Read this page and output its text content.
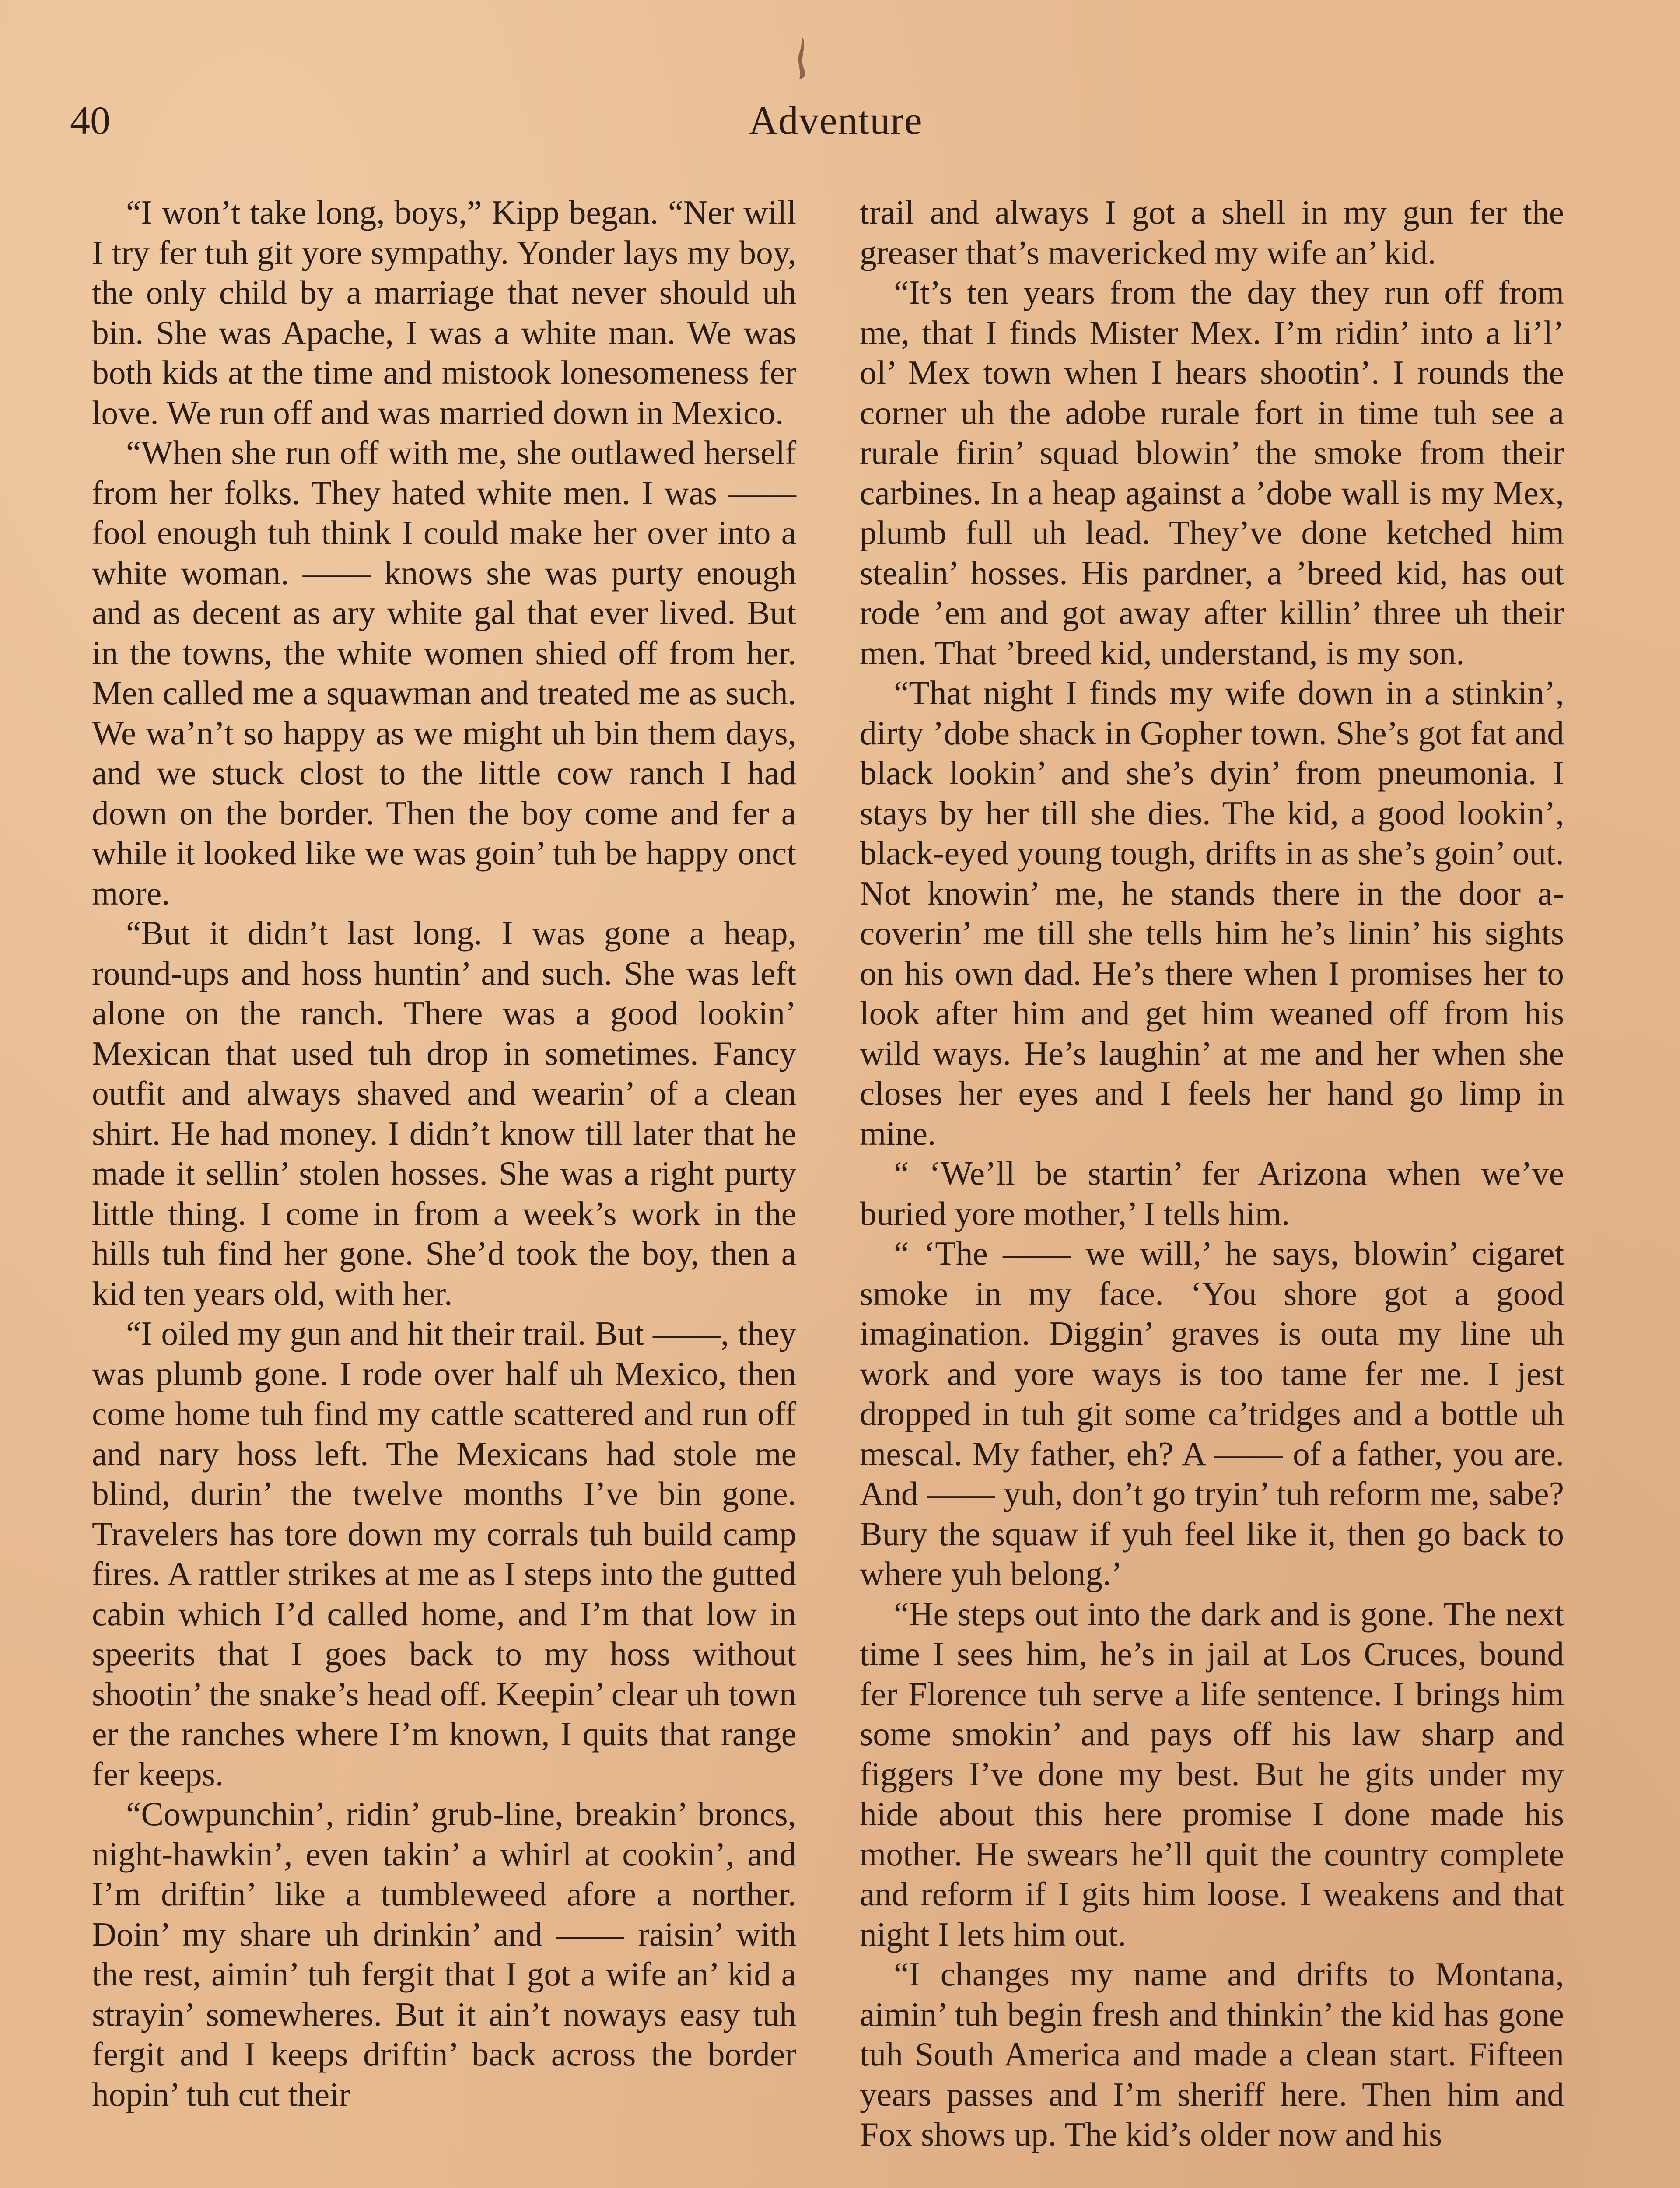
40	Adventure

“I won’t take long, boys,” Kipp began. “Ner will I try fer tuh git yore sympathy. Yonder lays my boy, the only child by a marriage that never should uh bin. She was Apache, I was a white man. We was both kids at the time and mistook lonesomeness fer love. We run off and was married down in Mexico.

“When she run off with me, she outlawed herself from her folks. They hated white men. I was —— fool enough tuh think I could make her over into a white woman. —— knows she was purty enough and as decent as ary white gal that ever lived. But in the towns, the white women shied off from her. Men called me a squawman and treated me as such. We wa’n’t so happy as we might uh bin them days, and we stuck clost to the little cow ranch I had down on the border. Then the boy come and fer a while it looked like we was goin’ tuh be happy onct more.

“But it didn’t last long. I was gone a heap, round-ups and hoss huntin’ and such. She was left alone on the ranch. There was a good lookin’ Mexican that used tuh drop in sometimes. Fancy outfit and always shaved and wearin’ of a clean shirt. He had money. I didn’t know till later that he made it sellin’ stolen hosses. She was a right purty little thing. I come in from a week’s work in the hills tuh find her gone. She’d took the boy, then a kid ten years old, with her.

“I oiled my gun and hit their trail. But ——, they was plumb gone. I rode over half uh Mexico, then come home tuh find my cattle scattered and run off and nary hoss left. The Mexicans had stole me blind, durin’ the twelve months I’ve bin gone. Travelers has tore down my corrals tuh build camp fires. A rattler strikes at me as I steps into the gutted cabin which I’d called home, and I’m that low in speerits that I goes back to my hoss without shootin’ the snake’s head off. Keepin’ clear uh town er the ranches where I’m known, I quits that range fer keeps.

“Cowpunchin’, ridin’ grub-line, breakin’ broncs, night-hawkin’, even takin’ a whirl at cookin’, and I’m driftin’ like a tumbleweed afore a norther. Doin’ my share uh drinkin’ and —— raisin’ with the rest, aimin’ tuh fergit that I got a wife an’ kid a strayin’ somewheres. But it ain’t noways easy tuh fergit and I keeps driftin’ back across the border hopin’ tuh cut their

trail and always I got a shell in my gun fer the greaser that’s mavericked my wife an’ kid.

“It’s ten years from the day they run off from me, that I finds Mister Mex. I’m ridin’ into a li’l’ ol’ Mex town when I hears shootin’. I rounds the corner uh the adobe rurale fort in time tuh see a rurale firin’ squad blowin’ the smoke from their carbines. In a heap against a ’dobe wall is my Mex, plumb full uh lead. They’ve done ketched him stealin’ hosses. His pardner, a ’breed kid, has out rode ’em and got away after killin’ three uh their men. That ’breed kid, understand, is my son.

“That night I finds my wife down in a stinkin’, dirty ’dobe shack in Gopher town. She’s got fat and black lookin’ and she’s dyin’ from pneumonia. I stays by her till she dies. The kid, a good lookin’, black-eyed young tough, drifts in as she’s goin’ out. Not knowin’ me, he stands there in the door a-coverin’ me till she tells him he’s linin’ his sights on his own dad. He’s there when I promises her to look after him and get him weaned off from his wild ways. He’s laughin’ at me and her when she closes her eyes and I feels her hand go limp in mine.

“ ‘We’ll be startin’ fer Arizona when we’ve buried yore mother,’ I tells him.

“ ‘The —— we will,’ he says, blowin’ cigaret smoke in my face. ‘You shore got a good imagination. Diggin’ graves is outa my line uh work and yore ways is too tame fer me. I jest dropped in tuh git some ca’tridges and a bottle uh mescal. My father, eh? A —— of a father, you are. And —— yuh, don’t go tryin’ tuh reform me, sabe? Bury the squaw if yuh feel like it, then go back to where yuh belong.’

“He steps out into the dark and is gone. The next time I sees him, he’s in jail at Los Cruces, bound fer Florence tuh serve a life sentence. I brings him some smokin’ and pays off his law sharp and figgers I’ve done my best. But he gits under my hide about this here promise I done made his mother. He swears he’ll quit the country complete and reform if I gits him loose. I weakens and that night I lets him out.

“I changes my name and drifts to Montana, aimin’ tuh begin fresh and thinkin’ the kid has gone tuh South America and made a clean start. Fifteen years passes and I’m sheriff here. Then him and Fox shows up. The kid’s older now and his
